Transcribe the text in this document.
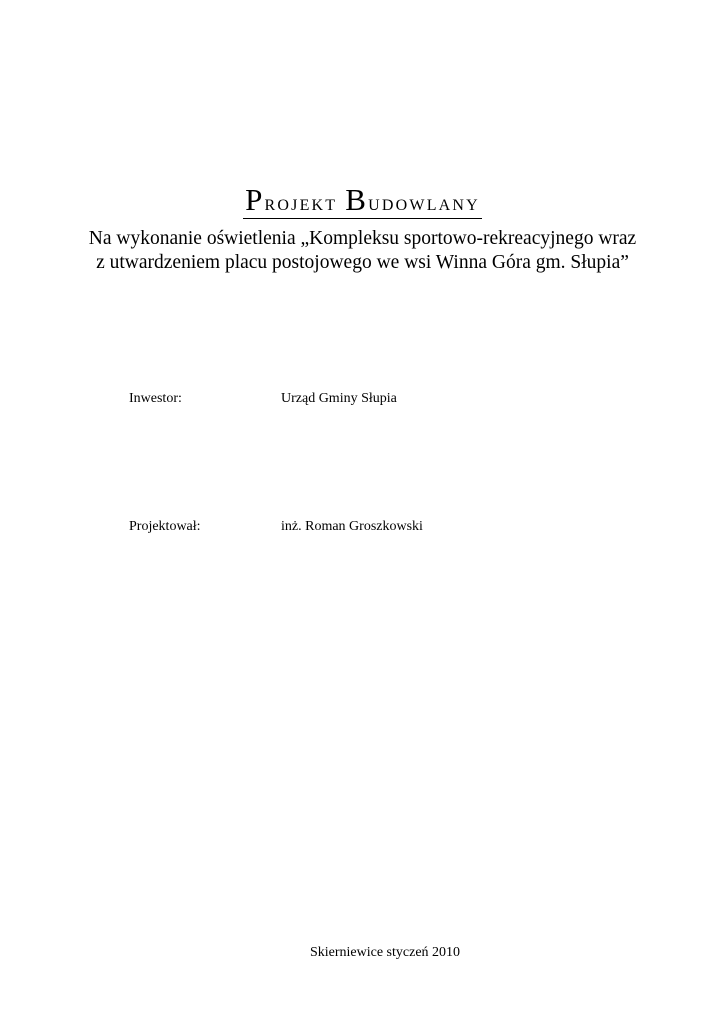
Projekt Budowlany
Na wykonanie oświetlenia „Kompleksu sportowo-rekreacyjnego wraz
z utwardzeniem placu postojowego we wsi Winna Góra gm. Słupia”
Inwestor:	Urząd Gminy Słupia
Projektował:	inż. Roman Groszkowski
Skierniewice styczeń 2010
